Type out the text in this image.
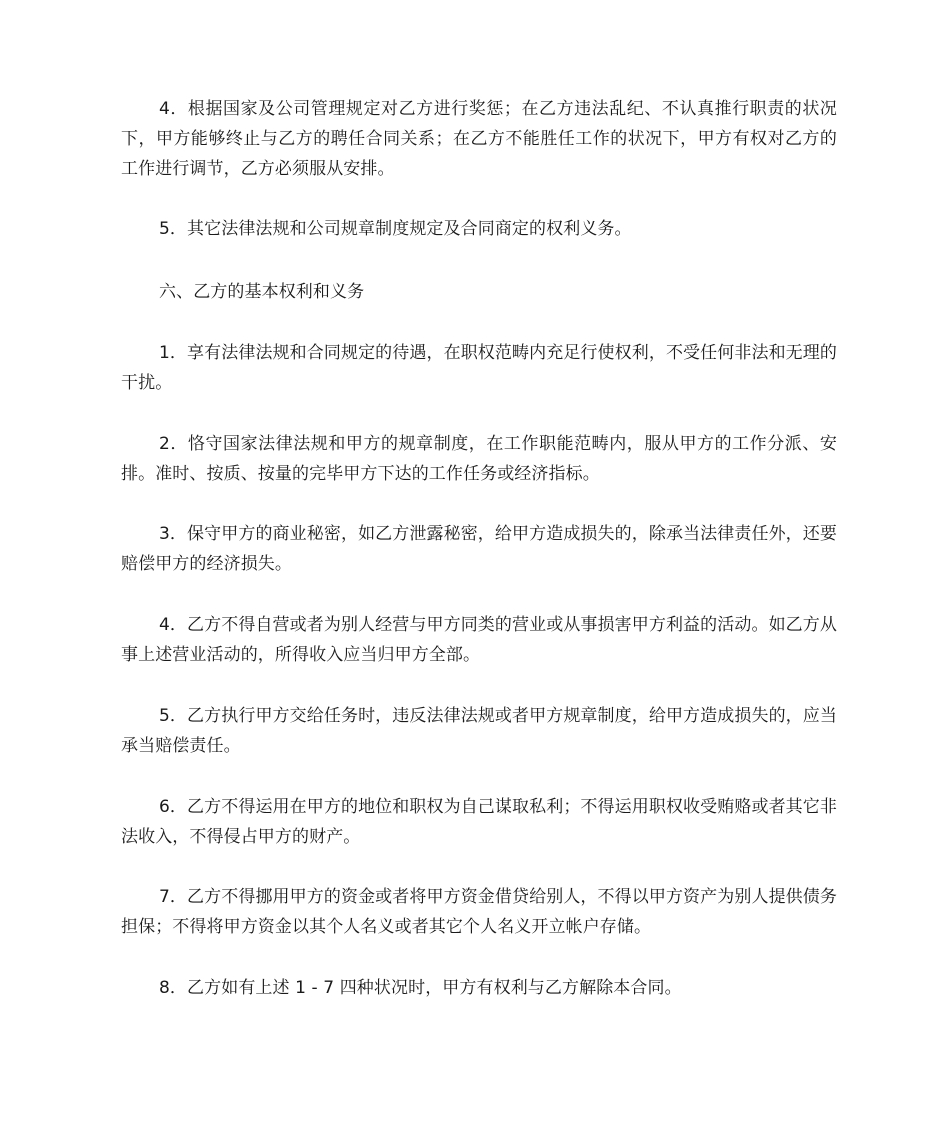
4．根据国家及公司管理规定对乙方进行奖惩；在乙方违法乱纪、不认真推行职责的状况下，甲方能够终止与乙方的聘任合同关系；在乙方不能胜任工作的状况下，甲方有权对乙方的工作进行调节，乙方必须服从安排。

5．其它法律法规和公司规章制度规定及合同商定的权利义务。

六、乙方的基本权利和义务

1．享有法律法规和合同规定的待遇，在职权范畴内充足行使权利，不受任何非法和无理的干扰。

2．恪守国家法律法规和甲方的规章制度，在工作职能范畴内，服从甲方的工作分派、安排。准时、按质、按量的完毕甲方下达的工作任务或经济指标。

3．保守甲方的商业秘密，如乙方泄露秘密，给甲方造成损失的，除承当法律责任外，还要赔偿甲方的经济损失。

4．乙方不得自营或者为别人经营与甲方同类的营业或从事损害甲方利益的活动。如乙方从事上述营业活动的，所得收入应当归甲方全部。

5．乙方执行甲方交给任务时，违反法律法规或者甲方规章制度，给甲方造成损失的，应当承当赔偿责任。

6．乙方不得运用在甲方的地位和职权为自己谋取私利；不得运用职权收受贿赂或者其它非法收入，不得侵占甲方的财产。

7．乙方不得挪用甲方的资金或者将甲方资金借贷给别人，不得以甲方资产为别人提供债务担保；不得将甲方资金以其个人名义或者其它个人名义开立帐户存储。

8．乙方如有上述 1 - 7 四种状况时，甲方有权利与乙方解除本合同。
